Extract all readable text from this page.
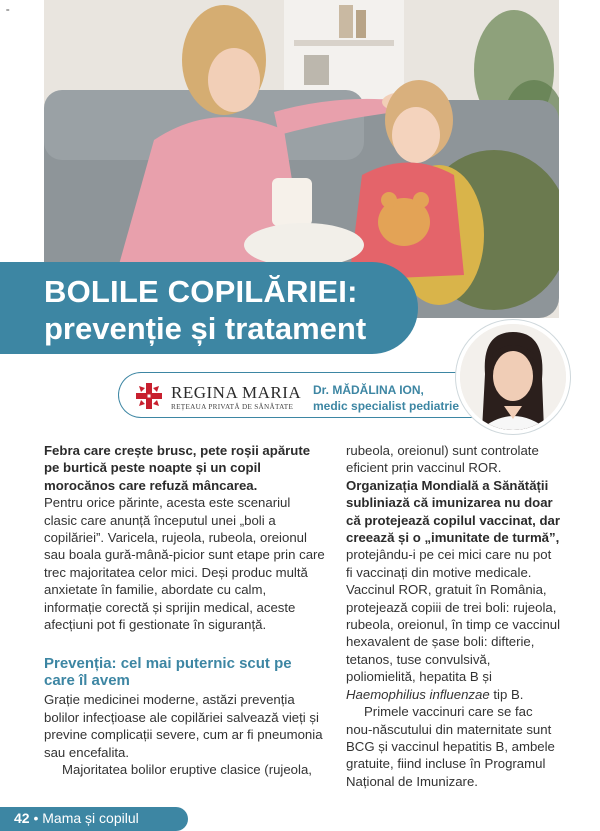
=
BOLILE COPILĂRIEI:
prevenție și tratament
REGINA MARIA
REȚEAUA PRIVATĂ DE SĂNĂTATE
Dr. MĂDĂLINA ION,
medic specialist pediatrie

Febra care crește brusc, pete roșii apărute pe burtică peste noapte și un copil morocănos care refuză mâncarea.

Pentru orice părinte, acesta este scenariul clasic care anunță începutul unei „boli a copilăriei”. Varicela, rujeola, rubeola, oreionul sau boala gură-mână-picior sunt etape prin care trec majoritatea celor mici. Deși produc multă anxietate în familie, abordate cu calm, informație corectă și sprijin medical, aceste afecțiuni pot fi gestionate în siguranță.

Prevenția: cel mai puternic scut pe care îl avem

Grație medicinei moderne, astăzi prevenția bolilor infecțioase ale copilăriei salvează vieți și previne complicații severe, cum ar fi pneumonia sau encefalita.

Majoritatea bolilor eruptive clasice (rujeola,

rubeola, oreionul) sunt controlate eficient prin vaccinul ROR.

Organizația Mondială a Sănătății subliniază că imunizarea nu doar că protejează copilul vaccinat, dar creează și o „imunitate de turmă”, protejându-i pe cei mici care nu pot fi vaccinați din motive medicale. Vaccinul ROR, gratuit în România, protejează copiii de trei boli: rujeola, rubeola, oreionul, în timp ce vaccinul hexavalent de șase boli: difterie, tetanos, tuse convulsivă, poliomielită, hepatita B și Haemophilius influenzae tip B.

Primele vaccinuri care se fac nou-născutului din maternitate sunt BCG și vaccinul hepatitis B, ambele gratuite, fiind incluse în Programul Național de Imunizare.

42 • Mama și copilul
